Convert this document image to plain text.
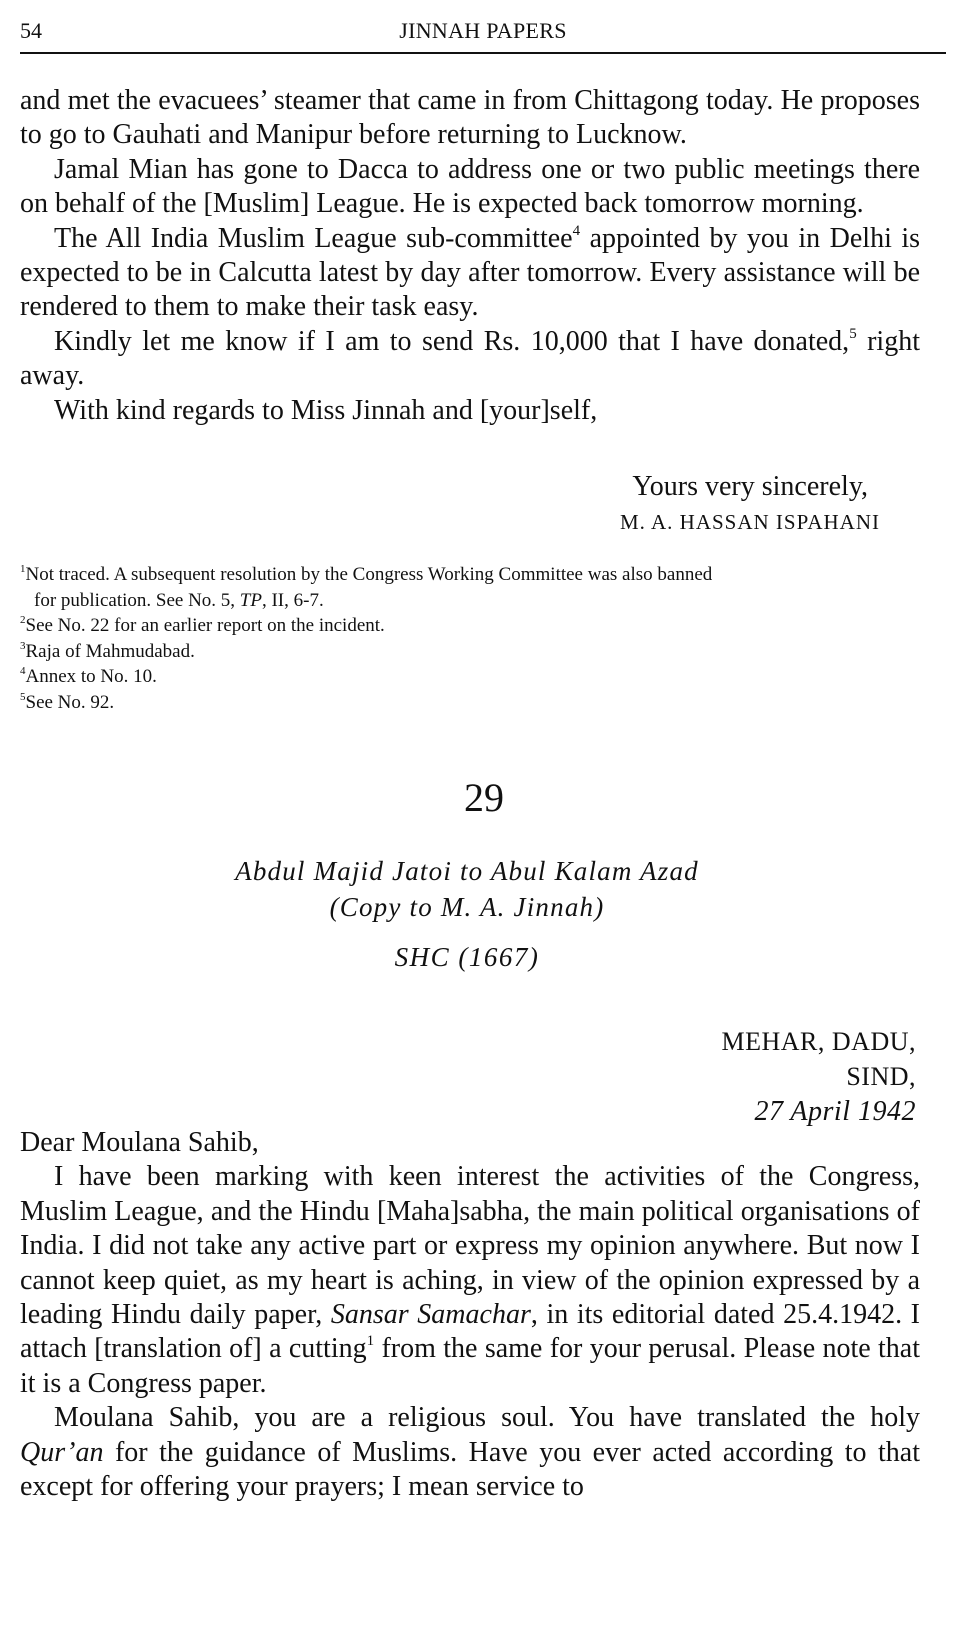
54	JINNAH PAPERS

and met the evacuees’ steamer that came in from Chittagong today. He proposes to go to Gauhati and Manipur before returning to Lucknow.

Jamal Mian has gone to Dacca to address one or two public meetings there on behalf of the [Muslim] League. He is expected back tomorrow morning.

The All India Muslim League sub-committee$^4$ appointed by you in Delhi is expected to be in Calcutta latest by day after tomorrow. Every assistance will be rendered to them to make their task easy.

Kindly let me know if I am to send Rs. 10,000 that I have donated,$^5$ right away.

With kind regards to Miss Jinnah and [your]self,

Yours very sincerely,
M. A. HASSAN ISPAHANI
$^1$Not traced. A subsequent resolution by the Congress Working Committee was also banned
for publication. See No. 5, TP, II, 6-7.
$^2$See No. 22 for an earlier report on the incident.
$^3$Raja of Mahmudabad.
$^4$Annex to No. 10.
$^5$See No. 92.
29
Abdul Majid Jatoi to Abul Kalam Azad
(Copy to M. A. Jinnah)
SHC (1667)
MEHAR, DADU,
SIND,
27 April 1942

Dear Moulana Sahib,

I have been marking with keen interest the activities of the Congress, Muslim League, and the Hindu [Maha]sabha, the main political organisations of India. I did not take any active part or express my opinion anywhere. But now I cannot keep quiet, as my heart is aching, in view of the opinion expressed by a leading Hindu daily paper, Sansar Samachar, in its editorial dated 25.4.1942. I attach [translation of] a cutting$^1$ from the same for your perusal. Please note that it is a Congress paper.

Moulana Sahib, you are a religious soul. You have translated the holy Qur’an for the guidance of Muslims. Have you ever acted according to that except for offering your prayers; I mean service to
